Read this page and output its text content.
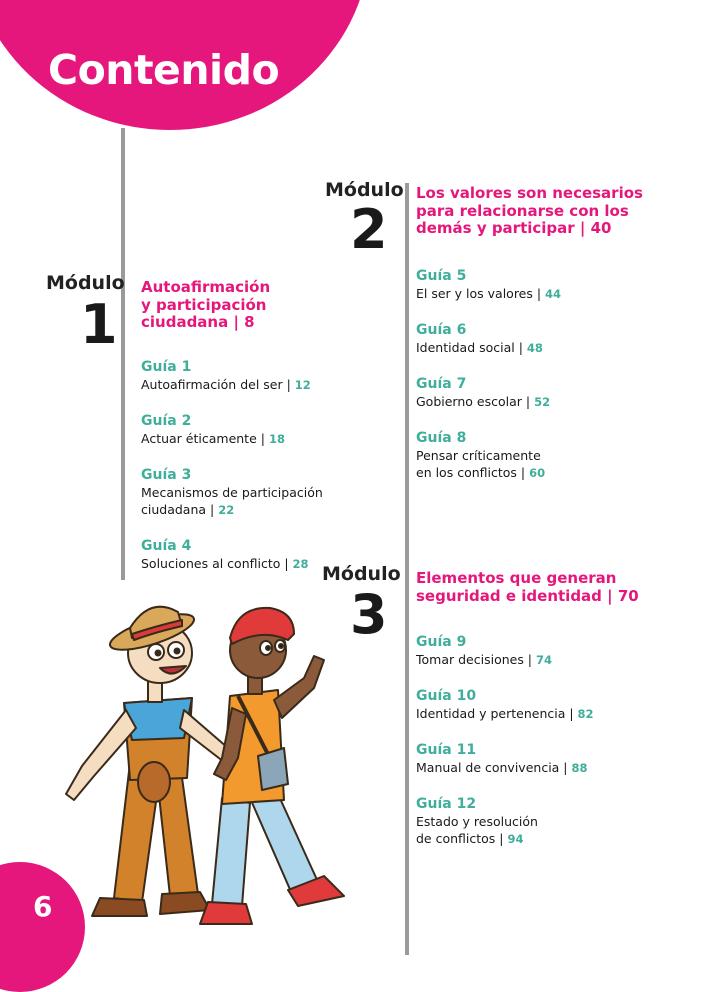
Contenido
Módulo
1
Autoafirmación
y participación
ciudadana | 8
Guía 1
Autoafirmación del ser | 12
Guía 2
Actuar éticamente | 18
Guía 3
Mecanismos de participación
ciudadana | 22
Guía 4
Soluciones al conflicto | 28
Módulo
2
Los valores son necesarios
para relacionarse con los
demás y participar | 40
Guía 5
El ser y los valores | 44
Guía 6
Identidad social | 48
Guía 7
Gobierno escolar | 52
Guía 8
Pensar críticamente
en los conflictos | 60
Módulo
3
Elementos que generan
seguridad e identidad | 70
Guía 9
Tomar decisiones | 74
Guía 10
Identidad y pertenencia | 82
Guía 11
Manual de convivencia | 88
Guía 12
Estado y resolución
de conflictos | 94
6
